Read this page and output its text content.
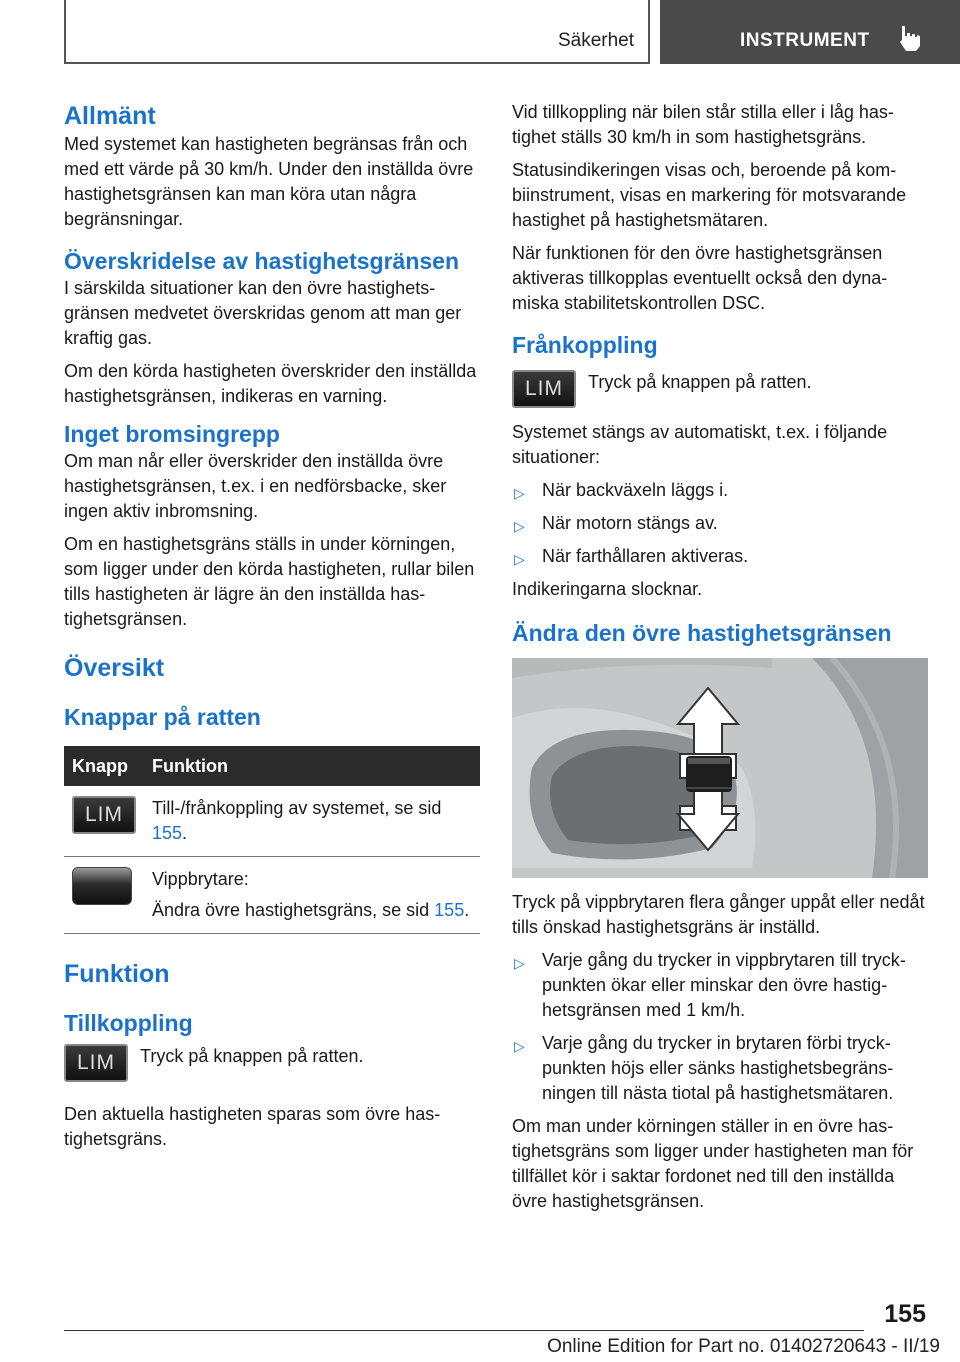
Säkerhet	INSTRUMENT
Allmänt
Med systemet kan hastigheten begränsas från och med ett värde på 30 km/h. Under den inställda övre hastighetsgränsen kan man köra utan några begränsningar.
Överskridelse av hastighetsgränsen
I särskilda situationer kan den övre hastighetsgränsen medvetet överskridas genom att man ger kraftig gas.
Om den körda hastigheten överskrider den inställda hastighetsgränsen, indikeras en varning.
Inget bromsingrepp
Om man når eller överskrider den inställda övre hastighetsgränsen, t.ex. i en nedförsbacke, sker ingen aktiv inbromsning.
Om en hastighetsgräns ställs in under körningen, som ligger under den körda hastigheten, rullar bilen tills hastigheten är lägre än den inställda hastighetsgränsen.
Översikt
Knappar på ratten
Knapp	Funktion
LIM	Till-/frånkoppling av systemet, se sid 155.

	Vippbrytare:
Ändra övre hastighetsgräns, se sid 155.
Funktion
Tillkoppling
LIM	Tryck på knappen på ratten.
Den aktuella hastigheten sparas som övre hastighetsgräns.
Vid tillkoppling när bilen står stilla eller i låg hastighet ställs 30 km/h in som hastighetsgräns.
Statusindikeringen visas och, beroende på kombiinstrument, visas en markering för motsvarande hastighet på hastighetsmätaren.
När funktionen för den övre hastighetsgränsen aktiveras tillkopplas eventuellt också den dynamiska stabilitetskontrollen DSC.
Frånkoppling
LIM	Tryck på knappen på ratten.
Systemet stängs av automatiskt, t.ex. i följande situationer:
▷ När backväxeln läggs i.
▷ När motorn stängs av.
▷ När farthållaren aktiveras.
Indikeringarna slocknar.
Ändra den övre hastighetsgränsen
Tryck på vippbrytaren flera gånger uppåt eller nedåt tills önskad hastighetsgräns är inställd.
▷ Varje gång du trycker in vippbrytaren till tryckpunkten ökar eller minskar den övre hastighetsgränsen med 1 km/h.
▷ Varje gång du trycker in brytaren förbi tryckpunkten höjs eller sänks hastighetsbegränsningen till nästa tiotal på hastighetsmätaren.
Om man under körningen ställer in en övre hastighetsgräns som ligger under hastigheten man för tillfället kör i saktar fordonet ned till den inställda övre hastighetsgränsen.
155
Online Edition for Part no. 01402720643 - II/19
